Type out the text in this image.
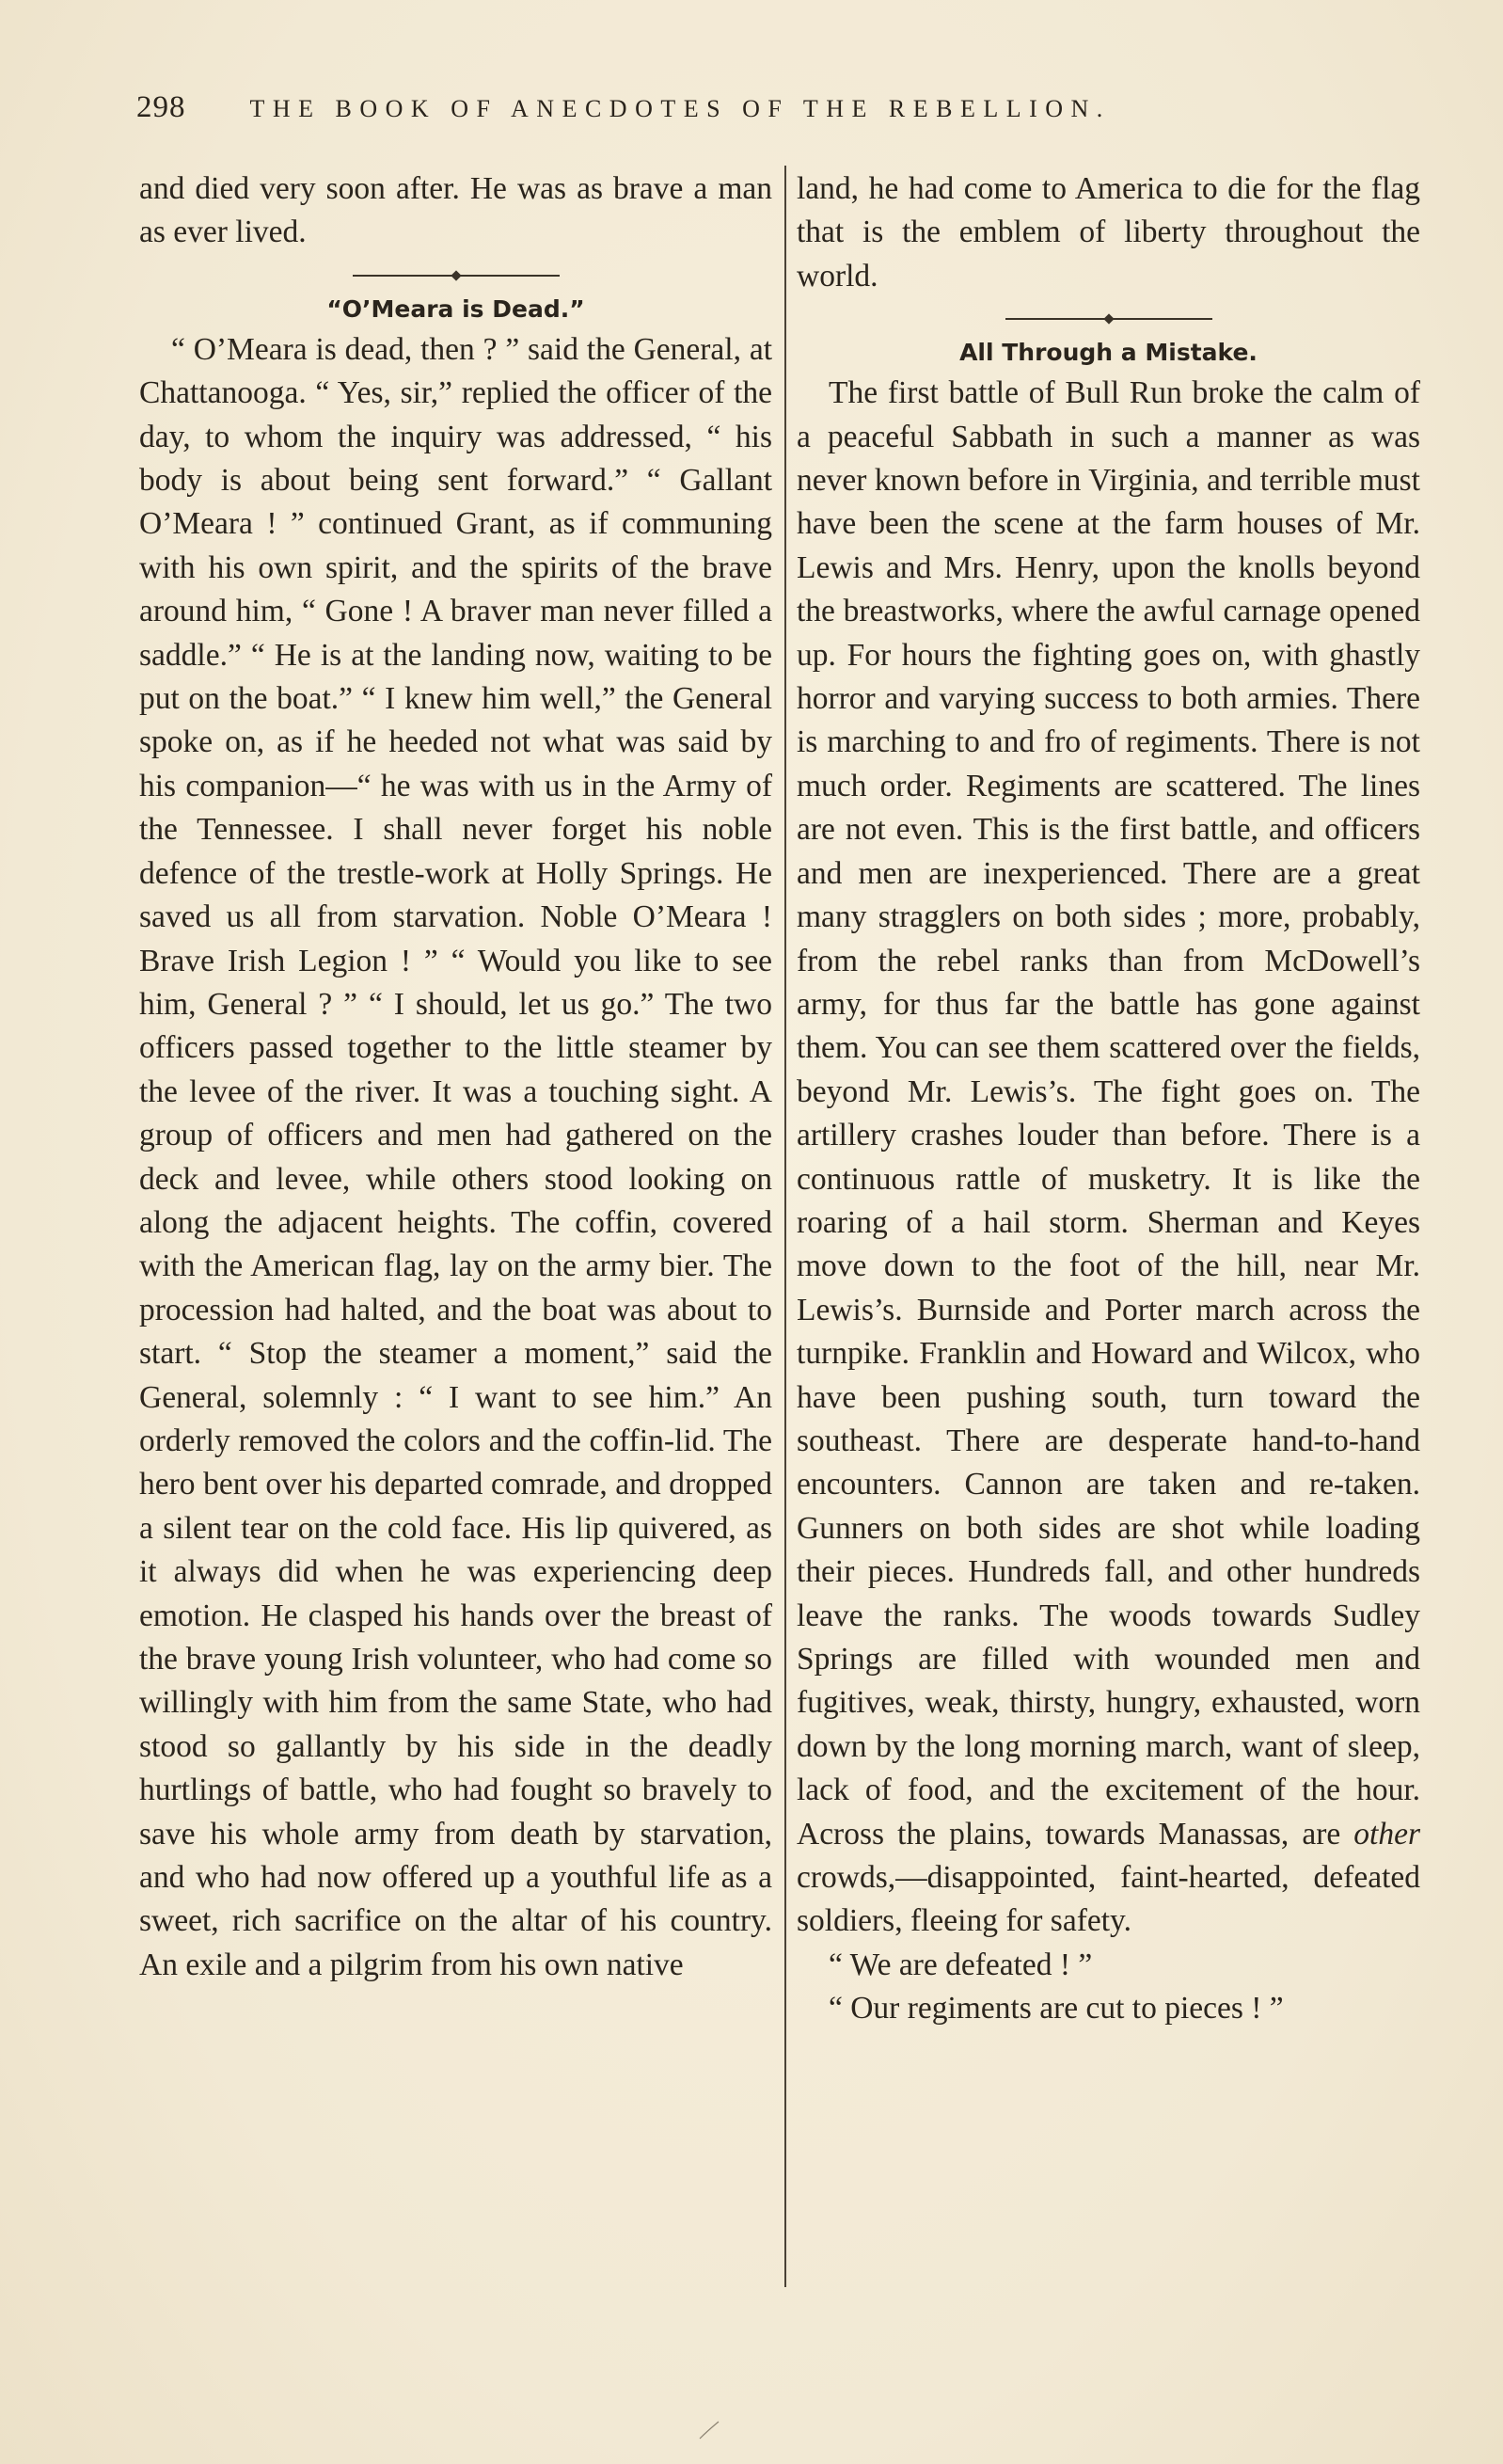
298	THE BOOK OF ANECDOTES OF THE REBELLION.

and died very soon after. He was as brave a man as ever lived.

“O’Meara is Dead.”

“ O’Meara is dead, then ? ” said the General, at Chattanooga. “ Yes, sir,” replied the officer of the day, to whom the inquiry was addressed, “ his body is about being sent forward.” “ Gallant O’Meara ! ” continued Grant, as if communing with his own spirit, and the spirits of the brave around him, “ Gone ! A braver man never filled a saddle.” “ He is at the landing now, waiting to be put on the boat.” “ I knew him well,” the General spoke on, as if he heeded not what was said by his companion—“ he was with us in the Army of the Tennessee. I shall never forget his noble defence of the trestle-work at Holly Springs. He saved us all from starvation. Noble O’Meara ! Brave Irish Legion ! ” “ Would you like to see him, General ? ” “ I should, let us go.” The two officers passed together to the little steamer by the levee of the river. It was a touching sight. A group of officers and men had gathered on the deck and levee, while others stood looking on along the adjacent heights. The coffin, covered with the American flag, lay on the army bier. The procession had halted, and the boat was about to start. “ Stop the steamer a moment,” said the General, solemnly : “ I want to see him.” An orderly removed the colors and the coffin-lid. The hero bent over his departed comrade, and dropped a silent tear on the cold face. His lip quivered, as it always did when he was experiencing deep emotion. He clasped his hands over the breast of the brave young Irish volunteer, who had come so willingly with him from the same State, who had stood so gallantly by his side in the deadly hurtlings of battle, who had fought so bravely to save his whole army from death by starvation, and who had now offered up a youthful life as a sweet, rich sacrifice on the altar of his country. An exile and a pilgrim from his own native

land, he had come to America to die for the flag that is the emblem of liberty throughout the world.

All Through a Mistake.

The first battle of Bull Run broke the calm of a peaceful Sabbath in such a manner as was never known before in Virginia, and terrible must have been the scene at the farm houses of Mr. Lewis and Mrs. Henry, upon the knolls beyond the breastworks, where the awful carnage opened up. For hours the fighting goes on, with ghastly horror and varying success to both armies. There is marching to and fro of regiments. There is not much order. Regiments are scattered. The lines are not even. This is the first battle, and officers and men are inexperienced. There are a great many stragglers on both sides ; more, probably, from the rebel ranks than from McDowell’s army, for thus far the battle has gone against them. You can see them scattered over the fields, beyond Mr. Lewis’s. The fight goes on. The artillery crashes louder than before. There is a continuous rattle of musketry. It is like the roaring of a hail storm. Sherman and Keyes move down to the foot of the hill, near Mr. Lewis’s. Burnside and Porter march across the turnpike. Franklin and Howard and Wilcox, who have been pushing south, turn toward the southeast. There are desperate hand-to-hand encounters. Cannon are taken and re-taken. Gunners on both sides are shot while loading their pieces. Hundreds fall, and other hundreds leave the ranks. The woods towards Sudley Springs are filled with wounded men and fugitives, weak, thirsty, hungry, exhausted, worn down by the long morning march, want of sleep, lack of food, and the excitement of the hour. Across the plains, towards Manassas, are other crowds,—disappointed, faint-hearted, defeated soldiers, fleeing for safety.

“ We are defeated ! ”

“ Our regiments are cut to pieces ! ”
